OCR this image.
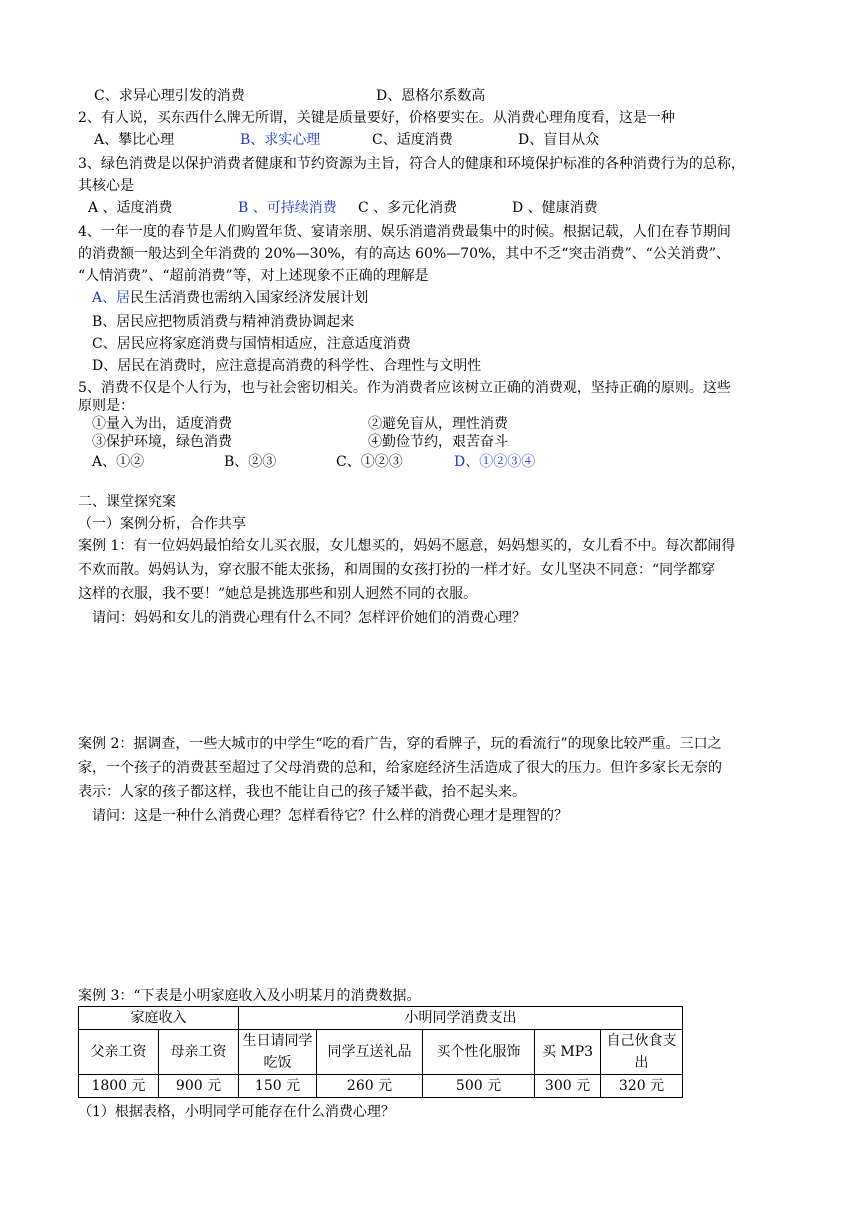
C、求异心理引发的消费	D、恩格尔系数高
2、有人说，买东西什么牌无所谓，关键是质量要好，价格要实在。从消费心理角度看，这是一种
A、攀比心理	B、求实心理	C、适度消费	D、盲目从众
3、绿色消费是以保护消费者健康和节约资源为主旨，符合人的健康和环境保护标准的各种消费行为的总称，
其核心是
A 、适度消费	B 、可持续消费 C 、多元化消费	D 、健康消费
4、一年一度的春节是人们购置年货、宴请亲朋、娱乐消遣消费最集中的时候。根据记载，人们在春节期间
的消费额一般达到全年消费的 20%—30%，有的高达 60%—70%，其中不乏“突击消费”、“公关消费”、
“人情消费”、“超前消费”等，对上述现象不正确的理解是
A、居民生活消费也需纳入国家经济发展计划
B、居民应把物质消费与精神消费协调起来
C、居民应将家庭消费与国情相适应，注意适度消费
D、居民在消费时，应注意提高消费的科学性、合理性与文明性
5、消费不仅是个人行为，也与社会密切相关。作为消费者应该树立正确的消费观，坚持正确的原则。这些
原则是：
①量入为出，适度消费	②避免盲从，理性消费
③保护环境，绿色消费	④勤俭节约，艰苦奋斗
A、①②	B、②③	C、①②③	D、①②③④
二、课堂探究案
（一）案例分析，合作共享
案例 1：有一位妈妈最怕给女儿买衣服，女儿想买的，妈妈不愿意，妈妈想买的，女儿看不中。每次都闹得
不欢而散。妈妈认为，穿衣服不能太张扬，和周围的女孩打扮的一样才好。女儿坚决不同意：“同学都穿
这样的衣服，我不要！”她总是挑选那些和别人迥然不同的衣服。
请问：妈妈和女儿的消费心理有什么不同？怎样评价她们的消费心理？
案例 2：据调查，一些大城市的中学生“吃的看广告，穿的看牌子，玩的看流行”的现象比较严重。三口之
家，一个孩子的消费甚至超过了父母消费的总和，给家庭经济生活造成了很大的压力。但许多家长无奈的
表示：人家的孩子都这样，我也不能让自己的孩子矮半截，抬不起头来。
请问：这是一种什么消费心理？怎样看待它？什么样的消费心理才是理智的？
案例 3：“下表是小明家庭收入及小明某月的消费数据。
家庭收入		小明同学消费支出				
父亲工资	母亲工资	生日请同学吃饭	同学互送礼品	买个性化服饰	买 MP3	自己伙食支出
1800 元	900 元	150 元	260 元	500 元	300 元	320 元
（1）根据表格，小明同学可能存在什么消费心理？
